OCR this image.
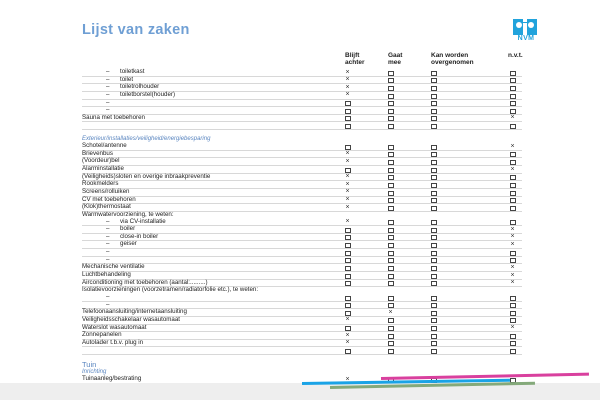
Lijst van zaken
NVM
Blijft
achter
Gaat
mee
Kan worden
overgenomen
n.v.t.
– toiletkast
×
– toilet
×
– toiletrolhouder
×
– toiletborstel(houder)
×
–
–
Sauna met toebehoren
×
Exterieur/installaties/veiligheid/energiebesparing
Schotel/antenne
×
Brievenbus
×
(Voordeur)bel
×
Alarminstallatie
×
(Veiligheids)sloten en overige inbraakpreventie
×
Rookmelders
×
Screens/rolluiken
×
CV met toebehoren
×
(Klok)thermostaat
×
Warmwatervoorziening, te weten:
– via CV-installatie
×
– boiler
×
– close-in boiler
×
– geiser
×
–
–
Mechanische ventilatie
×
Luchtbehandeling
×
Airconditioning met toebehoren (aantal:.........)
×
Isolatievoorzieningen (voorzetramen/radiatorfolie etc.), te weten:
–
–
Telefoonaansluiting/internetaansluiting
×
Veiligheidsschakelaar wasautomaat
×
Waterslot wasautomaat
×
Zonnepanelen
×
Autolader t.b.v. plug in
×
Tuin
Inrichting
Tuinaanleg/bestrating
×
×
